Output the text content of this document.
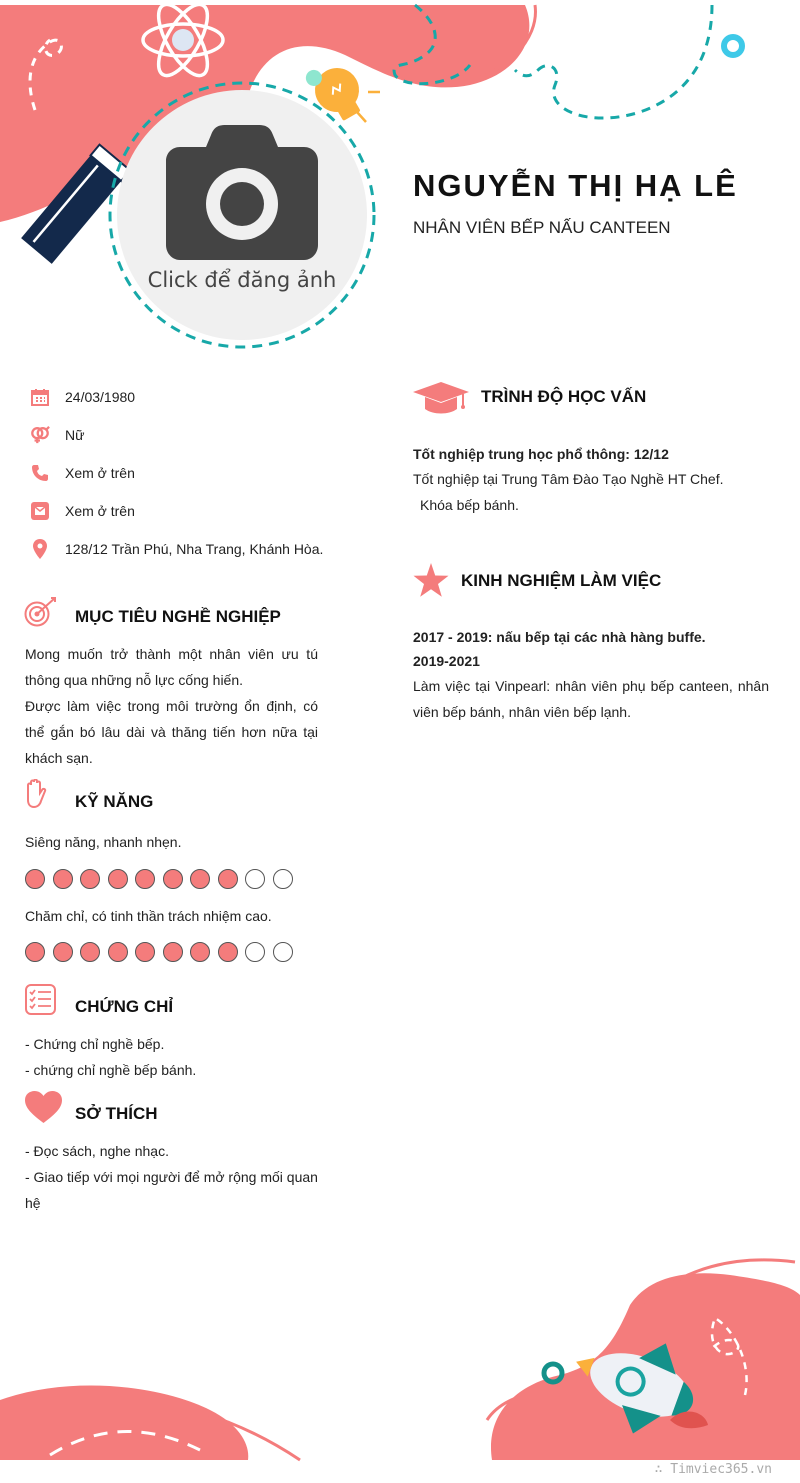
Click để đăng ảnh
NGUYỄN THỊ HẠ LÊ
NHÂN VIÊN BẾP NẤU CANTEEN
24/03/1980
Nữ
Xem ở trên
Xem ở trên
128/12 Trần Phú, Nha Trang, Khánh Hòa.
MỤC TIÊU NGHỀ NGHIỆP
Mong muốn trở thành một nhân viên ưu tú thông qua những nỗ lực cống hiến.
Được làm việc trong môi trường ổn định, có thể gắn bó lâu dài và thăng tiến hơn nữa tại khách sạn.
KỸ NĂNG
Siêng năng, nhanh nhẹn.
Chăm chỉ, có tinh thần trách nhiệm cao.
CHỨNG CHỈ
- Chứng chỉ nghề bếp.
- chứng chỉ nghề bếp bánh.
SỞ THÍCH
- Đọc sách, nghe nhạc.
- Giao tiếp với mọi người để mở rộng mối quan hệ
TRÌNH ĐỘ HỌC VẤN
Tốt nghiệp trung học phổ thông: 12/12
Tốt nghiệp tại Trung Tâm Đào Tạo Nghề HT Chef.
Khóa bếp bánh.
KINH NGHIỆM LÀM VIỆC
2017 - 2019: nấu bếp tại các nhà hàng buffe.
2019-2021
Làm việc tại Vinpearl: nhân viên phụ bếp canteen, nhân viên bếp bánh, nhân viên bếp lạnh.
∴ Timviec365.vn
